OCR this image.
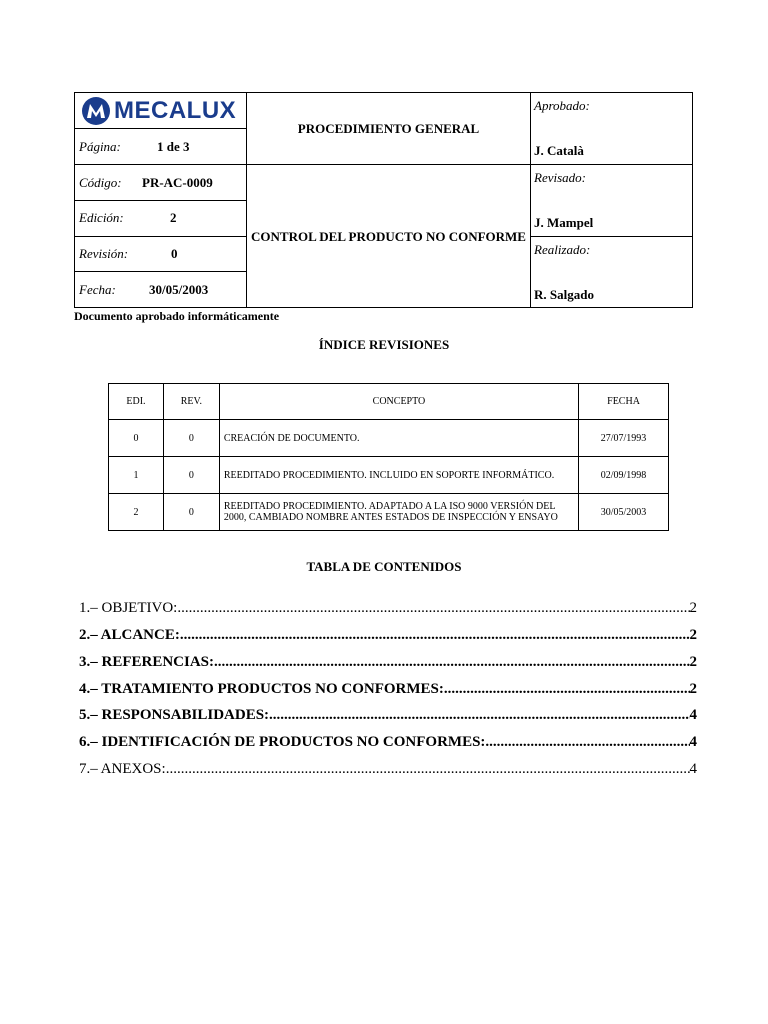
MECALUX
Página:	1 de 3
Código: PR-AC-0009
Edición:	2
Revisión:	0
Fecha:	30/05/2003
PROCEDIMIENTO GENERAL
CONTROL DEL PRODUCTO NO CONFORME
Aprobado:
J. Català
Revisado:
J. Mampel
Realizado:
R. Salgado
Documento aprobado informáticamente
ÍNDICE REVISIONES
EDI.	REV.	CONCEPTO	FECHA
0	0	CREACIÓN DE DOCUMENTO.	27/07/1993
1	0	REEDITADO PROCEDIMIENTO. INCLUIDO EN SOPORTE INFORMÁTICO.	02/09/1998
2	0	REEDITADO PROCEDIMIENTO. ADAPTADO A LA ISO 9000 VERSIÓN DEL 2000, CAMBIADO NOMBRE ANTES ESTADOS DE INSPECCIÓN Y ENSAYO	30/05/2003
TABLA DE CONTENIDOS
1.– OBJETIVO: .....	2
2.– ALCANCE: .....	2
3.– REFERENCIAS: .....	2
4.– TRATAMIENTO PRODUCTOS NO CONFORMES: .....	2
5.– RESPONSABILIDADES: .....	4
6.– IDENTIFICACIÓN DE PRODUCTOS NO CONFORMES: .....	4
7.– ANEXOS: .....	4
